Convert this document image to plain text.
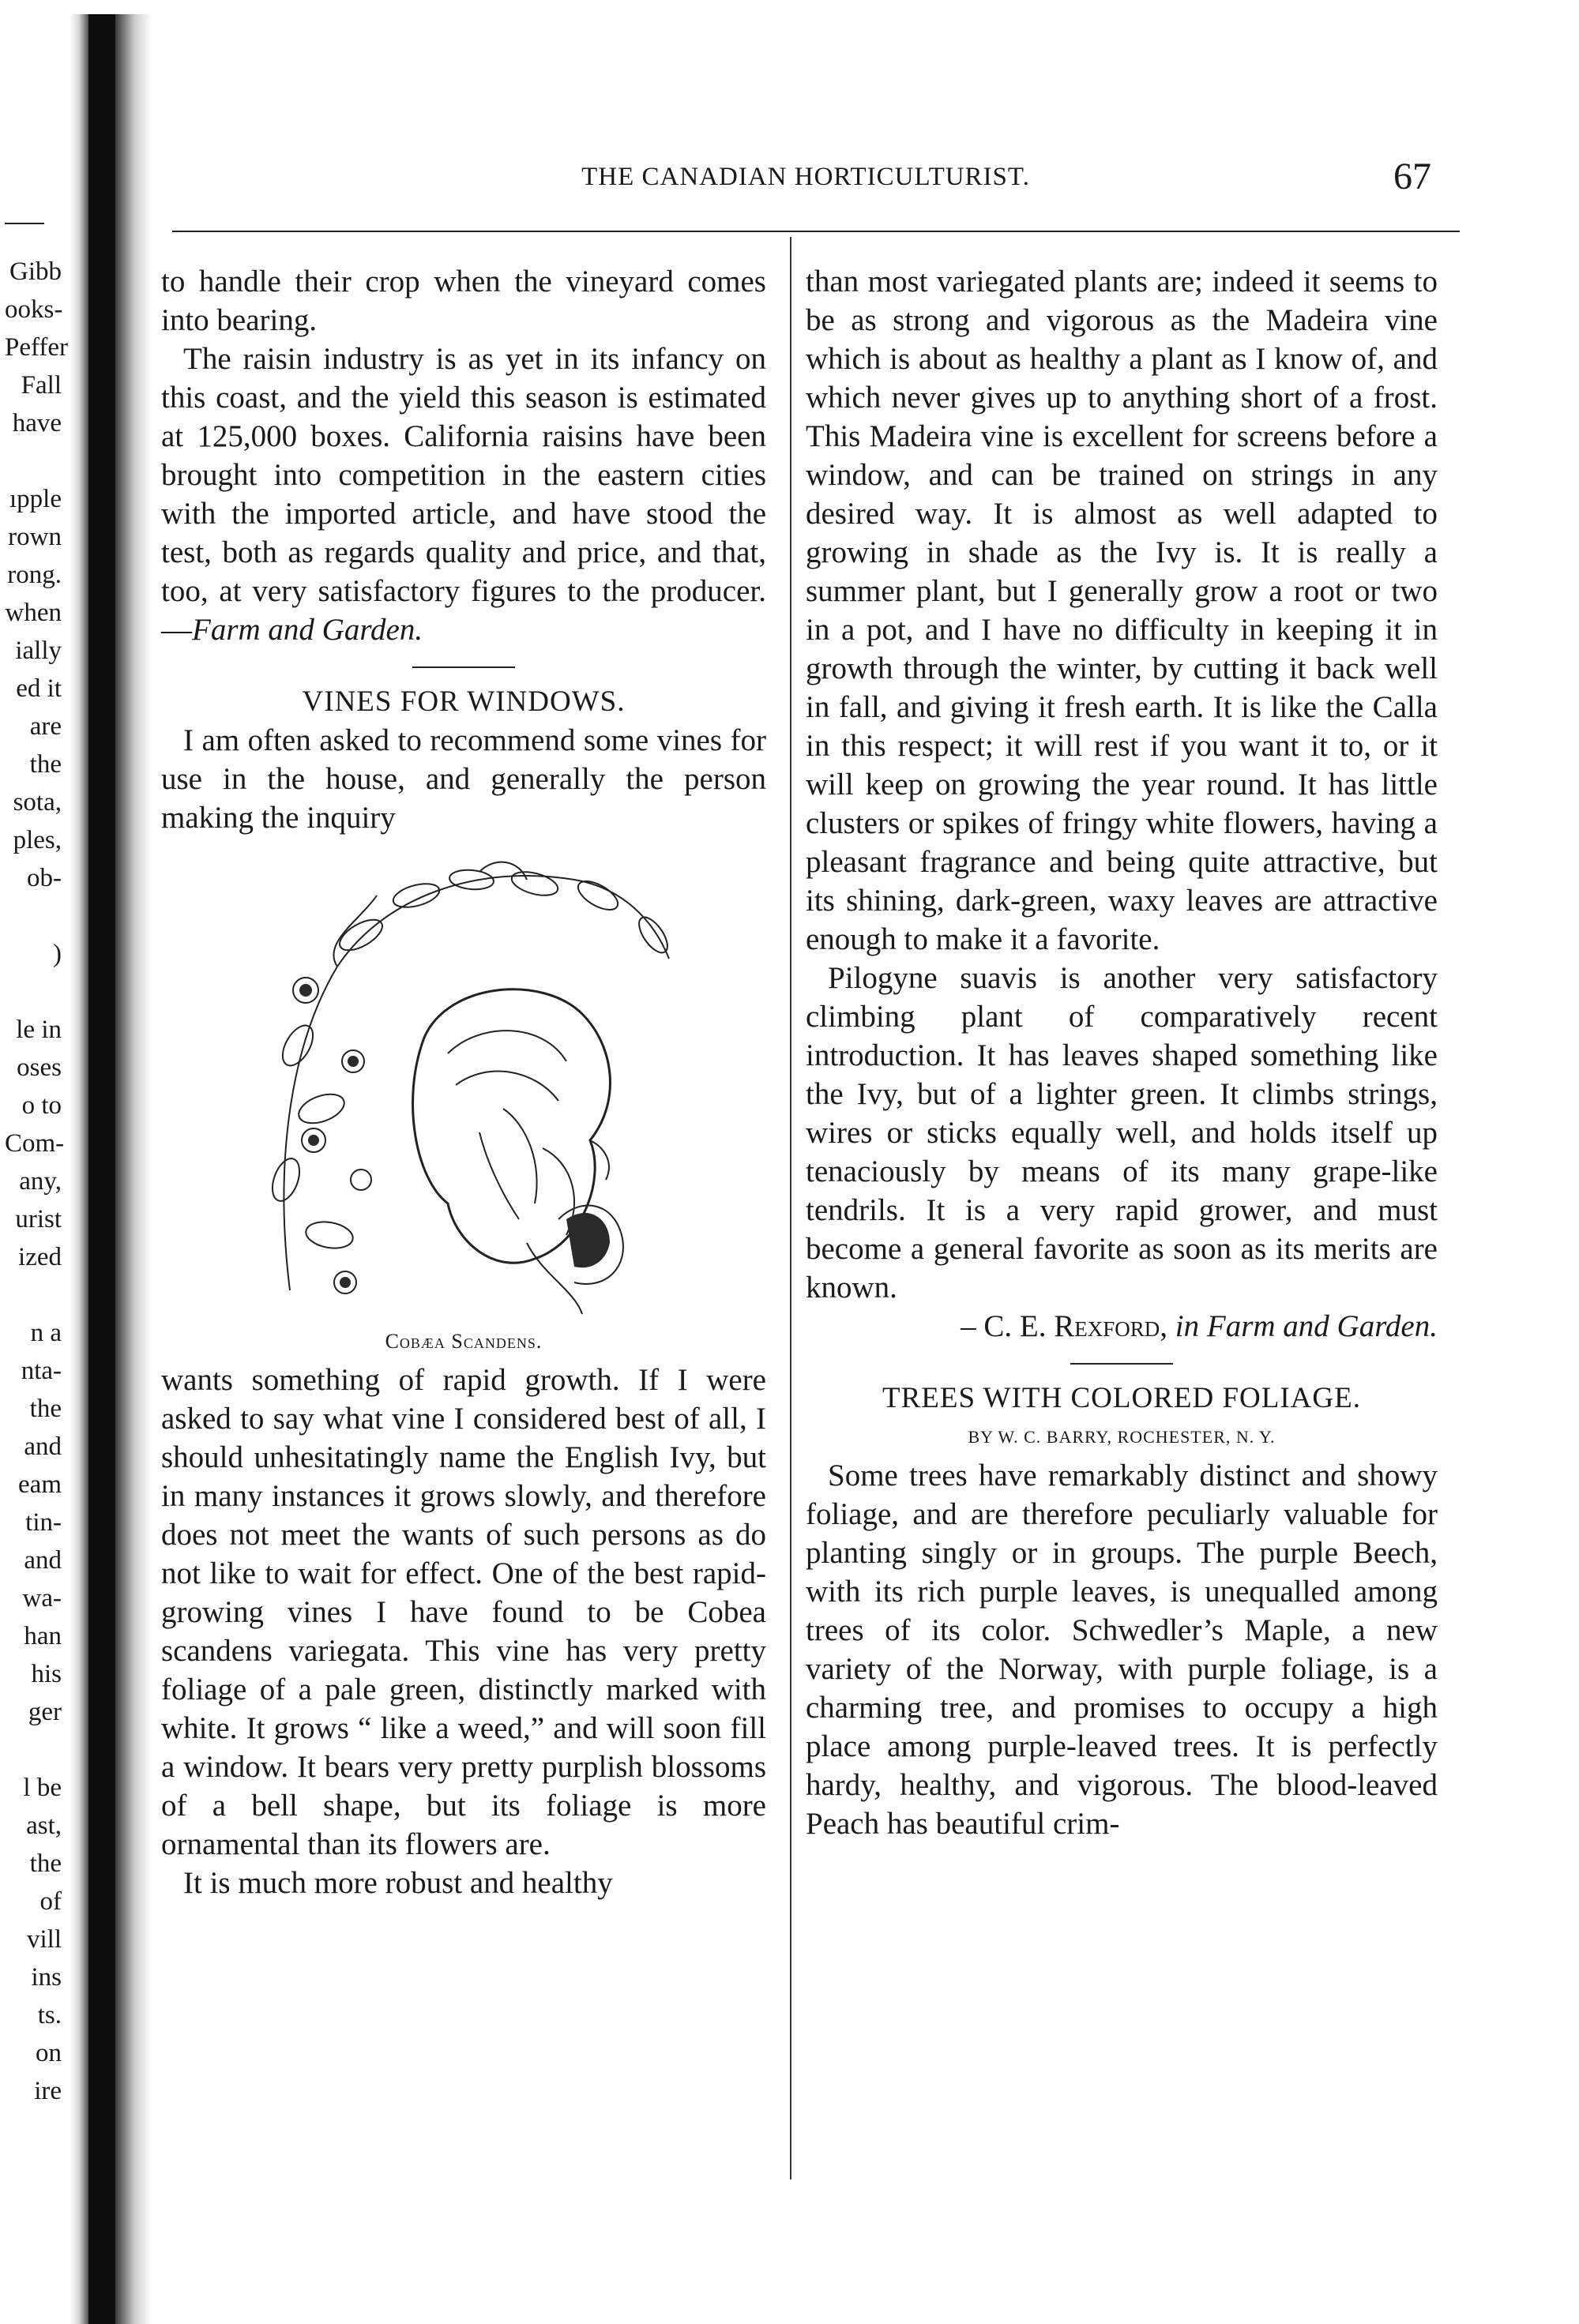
Gibb
ooks-
Peffer
Fall
have
ıpple
rown
rong.
when
ially
ed it
are
the
sota,
ples,
ob-
)
le in
oses
o to
Com-
any,
urist
ized
n a
nta-
the
and
eam
tin-
and
wa-
han
his
ger
l be
ast,
the
of
vill
ins
ts.
on
ire
THE CANADIAN HORTICULTURIST.	67

to handle their crop when the vineyard comes into bearing.

The raisin industry is as yet in its infancy on this coast, and the yield this season is estimated at 125,000 boxes. California raisins have been brought into competition in the eastern cities with the imported article, and have stood the test, both as regards quality and price, and that, too, at very satisfactory figures to the producer.—Farm and Garden.

VINES FOR WINDOWS.

I am often asked to recommend some vines for use in the house, and generally the person making the inquiry

Cobæa Scandens.

wants something of rapid growth. If I were asked to say what vine I considered best of all, I should unhesitatingly name the English Ivy, but in many instances it grows slowly, and therefore does not meet the wants of such persons as do not like to wait for effect. One of the best rapid-growing vines I have found to be Cobea scandens variegata. This vine has very pretty foliage of a pale green, distinctly marked with white. It grows “ like a weed,” and will soon fill a window. It bears very pretty purplish blossoms of a bell shape, but its foliage is more ornamental than its flowers are.

It is much more robust and healthy

than most variegated plants are; indeed it seems to be as strong and vigorous as the Madeira vine which is about as healthy a plant as I know of, and which never gives up to anything short of a frost. This Madeira vine is excellent for screens before a window, and can be trained on strings in any desired way. It is almost as well adapted to growing in shade as the Ivy is. It is really a summer plant, but I generally grow a root or two in a pot, and I have no difficulty in keeping it in growth through the winter, by cutting it back well in fall, and giving it fresh earth. It is like the Calla in this respect; it will rest if you want it to, or it will keep on growing the year round. It has little clusters or spikes of fringy white flowers, having a pleasant fragrance and being quite attractive, but its shining, dark-green, waxy leaves are attractive enough to make it a favorite.

Pilogyne suavis is another very satisfactory climbing plant of comparatively recent introduction. It has leaves shaped something like the Ivy, but of a lighter green. It climbs strings, wires or sticks equally well, and holds itself up tenaciously by means of its many grape-like tendrils. It is a very rapid grower, and must become a general favorite as soon as its merits are known.

– C. E. Rexford, in Farm and Garden.

TREES WITH COLORED FOLIAGE.

BY W. C. BARRY, ROCHESTER, N. Y.

Some trees have remarkably distinct and showy foliage, and are therefore peculiarly valuable for planting singly or in groups. The purple Beech, with its rich purple leaves, is unequalled among trees of its color. Schwedler’s Maple, a new variety of the Norway, with purple foliage, is a charming tree, and promises to occupy a high place among purple-leaved trees. It is perfectly hardy, healthy, and vigorous. The blood-leaved Peach has beautiful crim-
